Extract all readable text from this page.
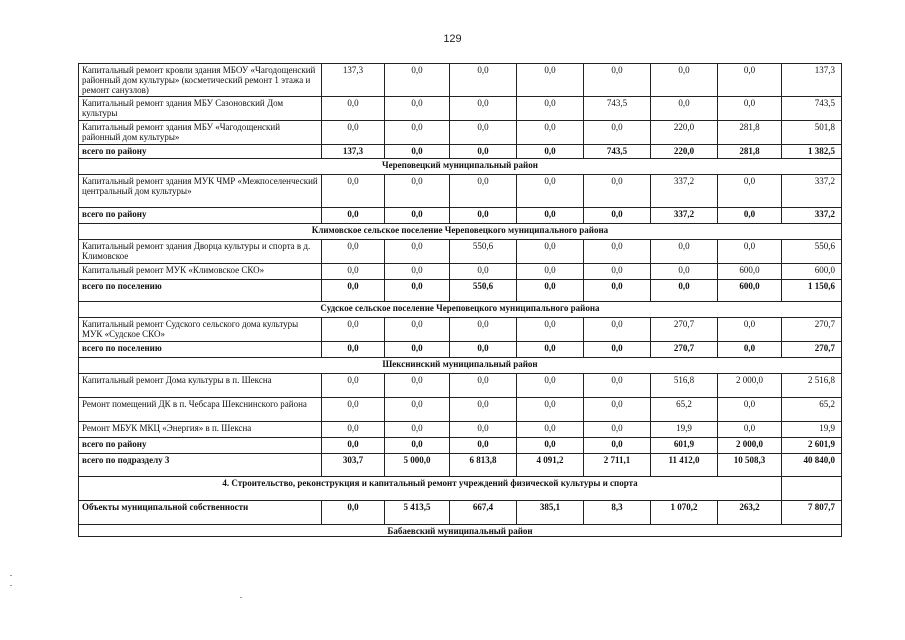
129
Капитальный ремонт кровли здания МБОУ «Чагодощенский районный дом культуры» (косметический ремонт 1 этажа и ремонт санузлов)	137,3	0,0	0,0	0,0	0,0	0,0	0,0	137,3
Капитальный ремонт здания МБУ Сазоновский Дом культуры	0,0	0,0	0,0	0,0	743,5	0,0	0,0	743,5
Капитальный ремонт здания МБУ «Чагодощенский районный дом культуры»	0,0	0,0	0,0	0,0	0,0	220,0	281,8	501,8
всего по району	137,3	0,0	0,0	0,0	743,5	220,0	281,8	1 382,5
Череповецкий муниципальный район								
Капитальный ремонт здания МУК ЧМР «Межпоселенческий центральный дом культуры»	0,0	0,0	0,0	0,0	0,0	337,2	0,0	337,2
всего по району	0,0	0,0	0,0	0,0	0,0	337,2	0,0	337,2
Климовское сельское поселение Череповецкого муниципального района								
Капитальный ремонт здания Дворца культуры и спорта в д. Климовское	0,0	0,0	550,6	0,0	0,0	0,0	0,0	550,6
Капитальный ремонт МУК «Климовское СКО»	0,0	0,0	0,0	0,0	0,0	0,0	600,0	600,0
всего по поселению	0,0	0,0	550,6	0,0	0,0	0,0	600,0	1 150,6
Судское сельское поселение Череповецкого муниципального района								
Капитальный ремонт Судского сельского дома культуры МУК «Судское СКО»	0,0	0,0	0,0	0,0	0,0	270,7	0,0	270,7
всего по поселению	0,0	0,0	0,0	0,0	0,0	270,7	0,0	270,7
Шекснинский муниципальный район								
Капитальный ремонт Дома культуры в п. Шексна	0,0	0,0	0,0	0,0	0,0	516,8	2 000,0	2 516,8
Ремонт помещений ДК в п. Чебсара Шекснинского района	0,0	0,0	0,0	0,0	0,0	65,2	0,0	65,2
Ремонт МБУК МКЦ «Энергия» в п. Шексна	0,0	0,0	0,0	0,0	0,0	19,9	0,0	19,9
всего по району	0,0	0,0	0,0	0,0	0,0	601,9	2 000,0	2 601,9
всего по подразделу 3	303,7	5 000,0	6 813,8	4 091,2	2 711,1	11 412,0	10 508,3	40 840,0
4. Строительство, реконструкция и капитальный ремонт учреждений физической культуры и спорта								
Объекты муниципальной собственности	0,0	5 413,5	667,4	385,1	8,3	1 070,2	263,2	7 807,7
Бабаевский муниципальный район								
